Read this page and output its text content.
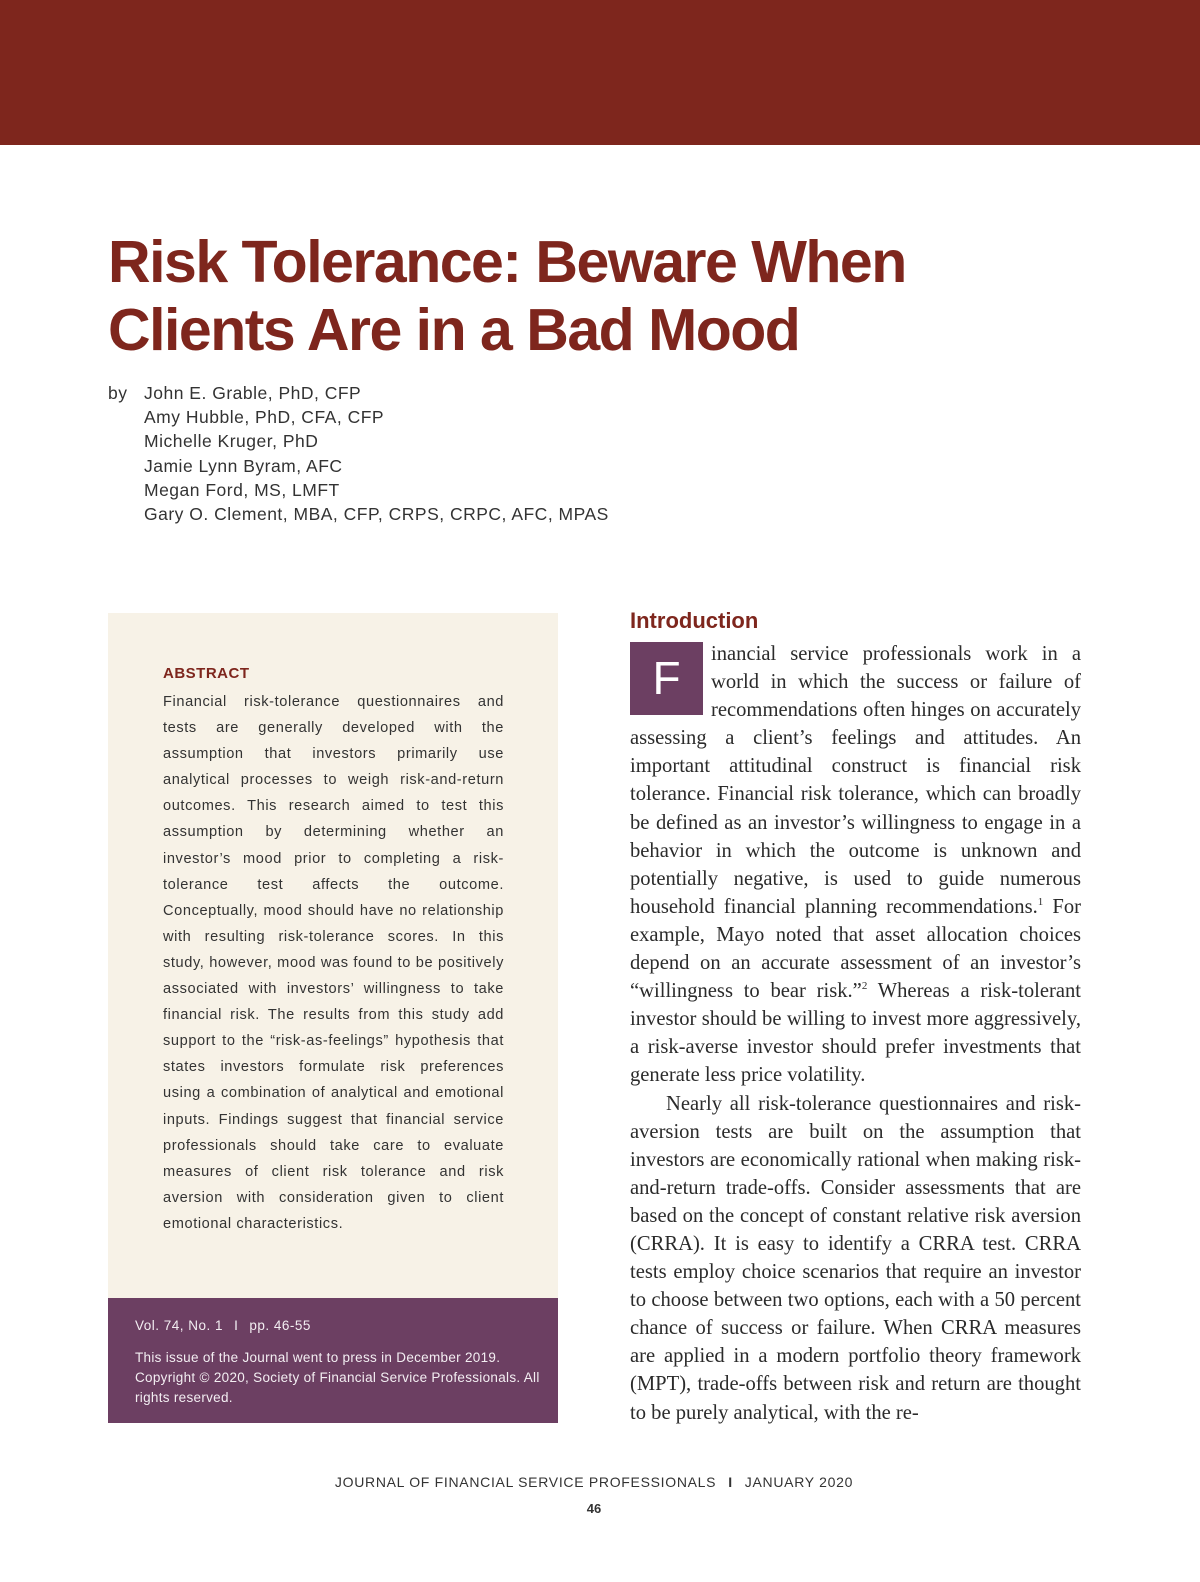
Risk Tolerance: Beware When
Clients Are in a Bad Mood
by John E. Grable, PhD, CFP
Amy Hubble, PhD, CFA, CFP
Michelle Kruger, PhD
Jamie Lynn Byram, AFC
Megan Ford, MS, LMFT
Gary O. Clement, MBA, CFP, CRPS, CRPC, AFC, MPAS
ABSTRACT

Financial risk-tolerance questionnaires and tests are generally developed with the assumption that investors primarily use analytical processes to weigh risk-and-return outcomes. This research aimed to test this assumption by determining whether an investor’s mood prior to completing a risk-tolerance test affects the outcome. Conceptually, mood should have no relationship with resulting risk-tolerance scores. In this study, however, mood was found to be positively associated with investors’ willingness to take financial risk. The results from this study add support to the “risk-as-feelings” hypothesis that states investors formulate risk preferences using a combination of analytical and emotional inputs. Findings suggest that financial service professionals should take care to evaluate measures of client risk tolerance and risk aversion with consideration given to client emotional characteristics.

Vol. 74, No. 1 I pp. 46-55

This issue of the Journal went to press in December 2019. Copyright © 2020, Society of Financial Service Professionals. All rights reserved.

Introduction
F	inancial service professionals work in a world in which the success or failure of recommendations often hinges on accurately assessing a client’s feelings and attitudes. An important attitudinal construct is financial risk tolerance. Financial risk tolerance, which can broadly be defined as an investor’s willingness to engage in a behavior in which the outcome is unknown and potentially negative, is used to guide numerous household financial planning recommendations.$^1$ For example, Mayo noted that asset allocation choices depend on an accurate assessment of an investor’s “willingness to bear risk.”$^2$ Whereas a risk-tolerant investor should be willing to invest more aggressively, a risk-averse investor should prefer investments that generate less price volatility.

Nearly all risk-tolerance questionnaires and risk-aversion tests are built on the assumption that investors are economically rational when making risk-and-return trade-offs. Consider assessments that are based on the concept of constant relative risk aversion (CRRA). It is easy to identify a CRRA test. CRRA tests employ choice scenarios that require an investor to choose between two options, each with a 50 percent chance of success or failure. When CRRA measures are applied in a modern portfolio theory framework (MPT), trade-offs between risk and return are thought to be purely analytical, with the re-

JOURNAL OF FINANCIAL SERVICE PROFESSIONALS I JANUARY 2020
46
